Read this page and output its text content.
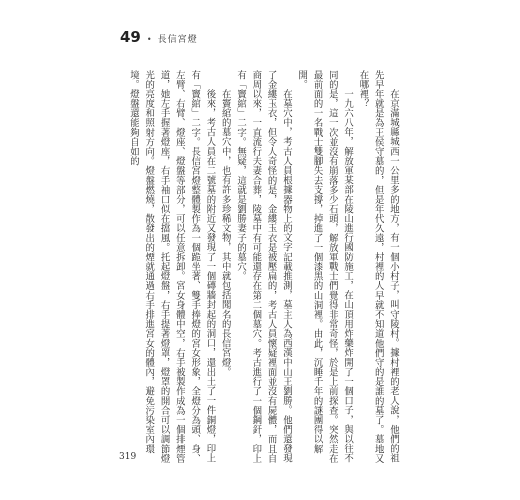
49 • 長信宮燈

在京滿城縣城西一公里多的地方，有一個小村子，叫守陵村。據村裡的老人說，他們的祖先早年就是為王侯守墓的，但是年代久遠，村裡的人早就不知道他們守的是誰的墓了。墓地又在哪裡？

一九六八年，解放軍某部在陵山進行國防施工，在山頂用炸藥炸開了一個口子，與以往不同的是，這一次並沒有崩落多少石頭，解放軍戰士們覺得非常奇怪，於是上前探查。突然走在最前面的一名戰士雙腳失去支撐，掉進了一個漆黑的山洞裡。由此，沉睡千年的謎團得以解開。

在墓穴中，考古人員根據器物上的文字記載推測，墓主人為西漢中山王劉勝。他們還發現了金縷玉衣，但令人奇怪的是，金縷玉衣是被壓扁的，考古人員懷疑裡面並沒有屍體，而且自商周以來，一直流行夫妻合葬，陵墓中有可能還存在第二個墓穴。考古進行了一個鋼釬，印上有「竇綰」二字。無疑，這就是劉勝妻子的墓穴。

在竇綰的墓穴中，也有許多珍稀文物，其中就包括聞名的長信宮燈。

後來，考古人員在二號墓的附近又發現了一個磚牆封起的洞口，還出土了一件銅燈，印上有「竇綰」二字。長信宮燈整體製作為一個跪坐著、雙手捧燈的宮女形象，全燈分為頭、身、左臂、右臂、燈座、燈盤等部分，可以任意拆卸。宮女身體中空，右手被製作成為一個排煙管道，她左手握著燈座，右手袖口似在擋風。托起燈盤，右手提著燈罩，燈罩的開合可以調節燈光的亮度和照射方向。燈盤燃燒，散發出的煙就通過右手排進宮女的體內，避免污染室內環境。燈盤還能夠自如的

319
